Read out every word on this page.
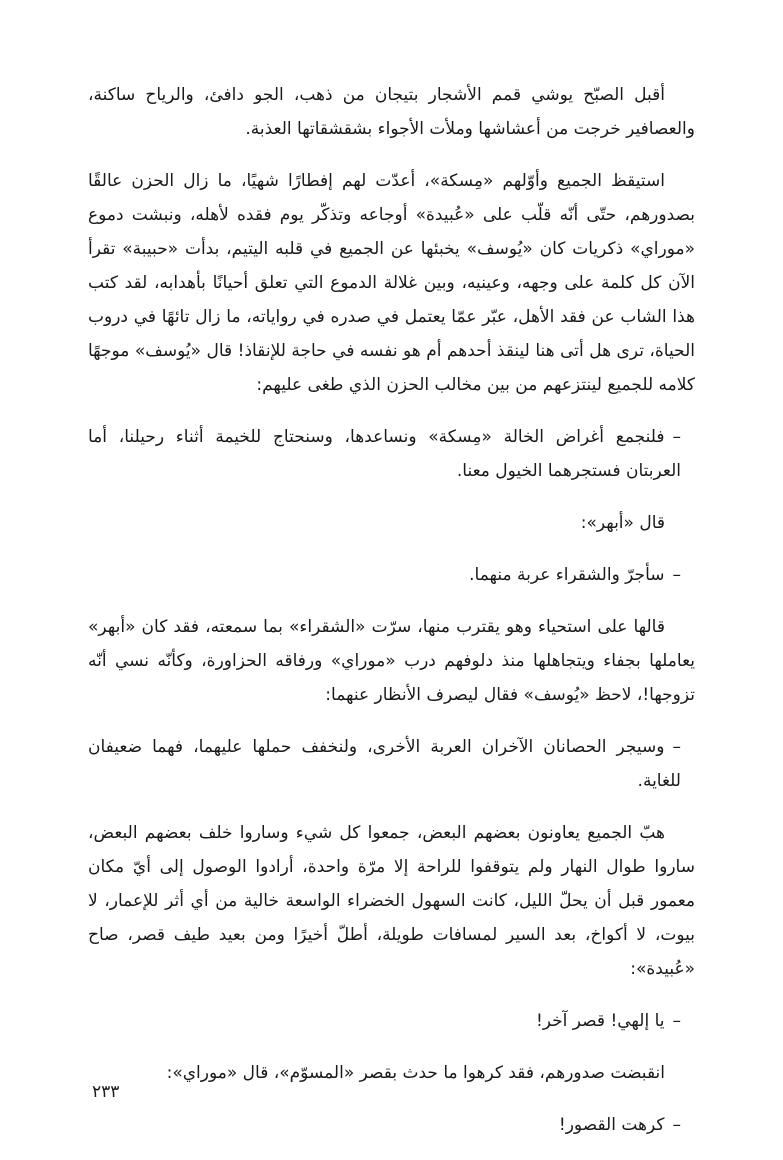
أقبل الصبّح يوشي قمم الأشجار بتيجان من ذهب، الجو دافئ، والرياح ساكنة، والعصافير خرجت من أعشاشها وملأت الأجواء بشقشقاتها العذبة.

استيقظ الجميع وأوّلهم «مِسكة»، أعدّت لهم إفطارًا شهيًا، ما زال الحزن عالقًا بصدورهم، حتّى أنّه قلّب على «عُبيدة» أوجاعه وتذكّر يوم فقده لأهله، ونبشت دموع «موراي» ذكريات كان «يُوسف» يخبئها عن الجميع في قلبه اليتيم، بدأت «حبيبة» تقرأ الآن كل كلمة على وجهه، وعينيه، وبين غلالة الدموع التي تعلق أحيانًا بأهدابه، لقد كتب هذا الشاب عن فقد الأهل، عبّر عمّا يعتمل في صدره في رواياته، ما زال تائهًا في دروب الحياة، ترى هل أتى هنا لينقذ أحدهم أم هو نفسه في حاجة للإنقاذ! قال «يُوسف» موجهًا كلامه للجميع لينتزعهم من بين مخالب الحزن الذي طغى عليهم:

–فلنجمع أغراض الخالة «مِسكة» ونساعدها، وسنحتاج للخيمة أثناء رحيلنا، أما العربتان فستجرهما الخيول معنا.

قال «أبهر»:

–سأجرّ والشقراء عربة منهما.

قالها على استحياء وهو يقترب منها، سرّت «الشقراء» بما سمعته، فقد كان «أبهر» يعاملها بجفاء ويتجاهلها منذ دلوفهم درب «موراي» ورفاقه الحزاورة، وكأنّه نسي أنّه تزوجها!، لاحظ «يُوسف» فقال ليصرف الأنظار عنهما:

–وسيجر الحصانان الآخران العربة الأخرى، ولنخفف حملها عليهما، فهما ضعيفان للغاية.

هبّ الجميع يعاونون بعضهم البعض، جمعوا كل شيء وساروا خلف بعضهم البعض، ساروا طوال النهار ولم يتوقفوا للراحة إلا مرّة واحدة، أرادوا الوصول إلى أيّ مكان معمور قبل أن يحلّ الليل، كانت السهول الخضراء الواسعة خالية من أي أثر للإعمار، لا بيوت، لا أكواخ، بعد السير لمسافات طويلة، أطلّ أخيرًا ومن بعيد طيف قصر، صاح «عُبيدة»:

–يا إلهي! قصر آخر!

انقبضت صدورهم، فقد كرهوا ما حدث بقصر «المسوّم»، قال «موراي»:

–كرهت القصور!

٢٣٣
